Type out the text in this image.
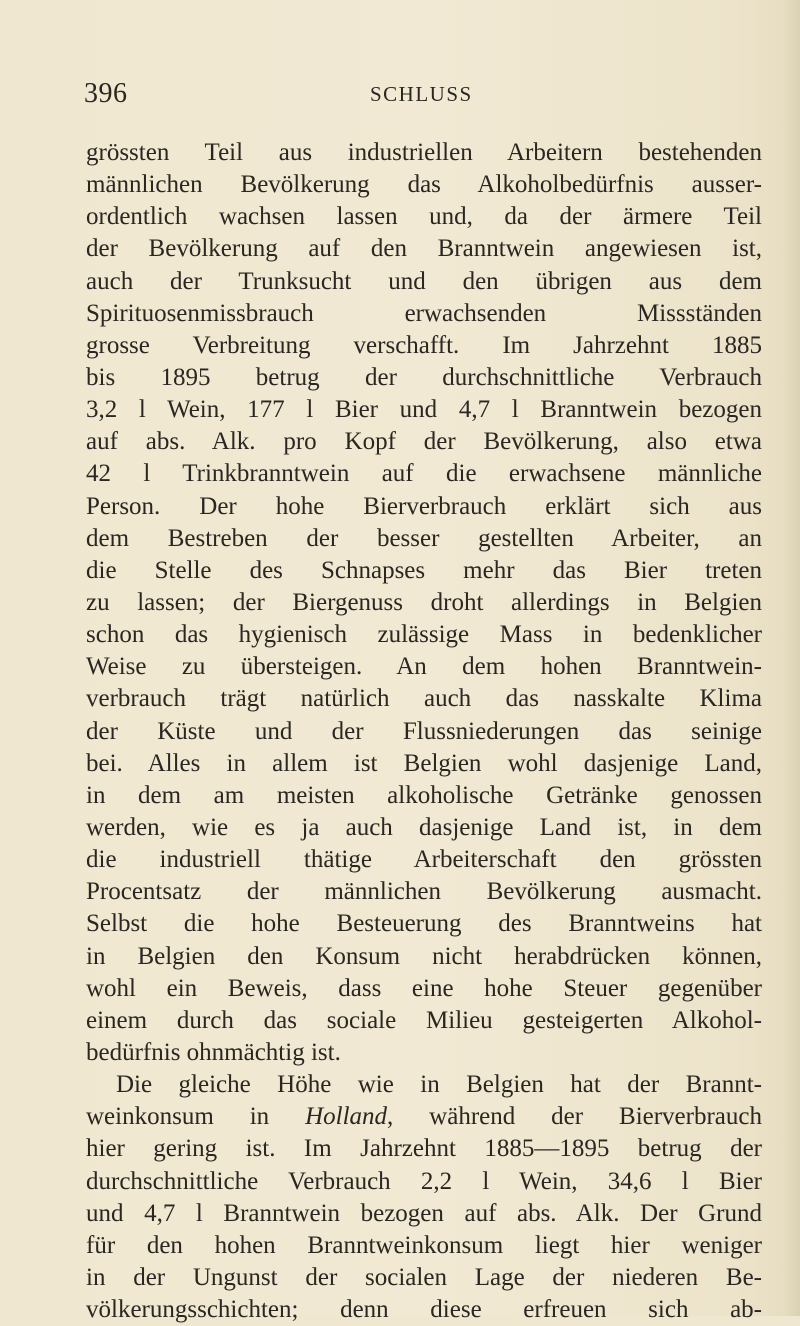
396	SCHLUSS
grössten Teil aus industriellen Arbeitern bestehenden
männlichen Bevölkerung das Alkoholbedürfnis ausser-
ordentlich wachsen lassen und, da der ärmere Teil
der Bevölkerung auf den Branntwein angewiesen ist,
auch der Trunksucht und den übrigen aus dem
Spirituosenmissbrauch erwachsenden Missständen
grosse Verbreitung verschafft. Im Jahrzehnt 1885
bis 1895 betrug der durchschnittliche Verbrauch
3,2 l Wein, 177 l Bier und 4,7 l Branntwein bezogen
auf abs. Alk. pro Kopf der Bevölkerung, also etwa
42 l Trinkbranntwein auf die erwachsene männliche
Person. Der hohe Bierverbrauch erklärt sich aus
dem Bestreben der besser gestellten Arbeiter, an
die Stelle des Schnapses mehr das Bier treten
zu lassen; der Biergenuss droht allerdings in Belgien
schon das hygienisch zulässige Mass in bedenklicher
Weise zu übersteigen. An dem hohen Branntwein-
verbrauch trägt natürlich auch das nasskalte Klima
der Küste und der Flussniederungen das seinige
bei. Alles in allem ist Belgien wohl dasjenige Land,
in dem am meisten alkoholische Getränke genossen
werden, wie es ja auch dasjenige Land ist, in dem
die industriell thätige Arbeiterschaft den grössten
Procentsatz der männlichen Bevölkerung ausmacht.
Selbst die hohe Besteuerung des Branntweins hat
in Belgien den Konsum nicht herabdrücken können,
wohl ein Beweis, dass eine hohe Steuer gegenüber
einem durch das sociale Milieu gesteigerten Alkohol-
bedürfnis ohnmächtig ist.
Die gleiche Höhe wie in Belgien hat der Brannt-
weinkonsum in Holland, während der Bierverbrauch
hier gering ist. Im Jahrzehnt 1885—1895 betrug der
durchschnittliche Verbrauch 2,2 l Wein, 34,6 l Bier
und 4,7 l Branntwein bezogen auf abs. Alk. Der Grund
für den hohen Branntweinkonsum liegt hier weniger
in der Ungunst der socialen Lage der niederen Be-
völkerungsschichten; denn diese erfreuen sich ab-
